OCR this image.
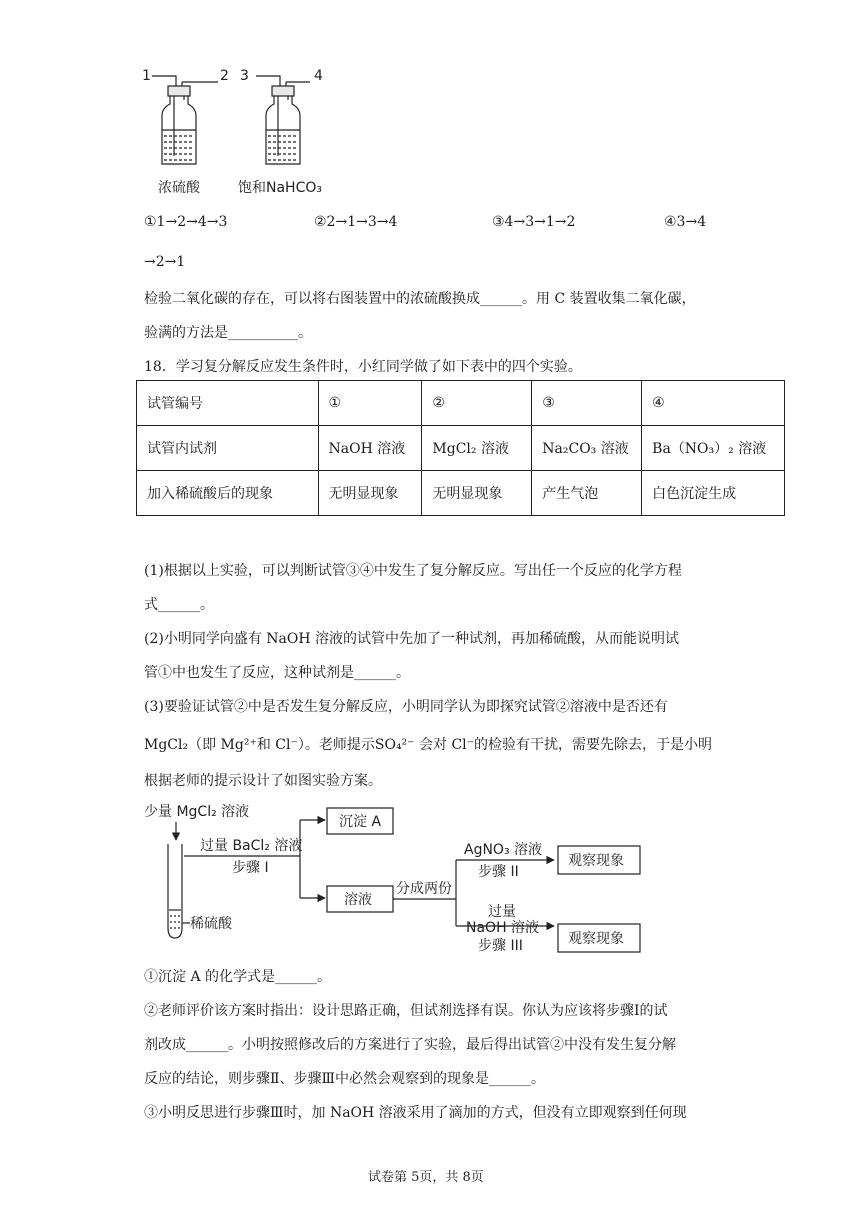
1	2
浓硫酸
3	4
饱和NaHCO₃
①1→2→4→3	②2→1→3→4	③4→3→1→2	④3→4
→2→1
检验二氧化碳的存在，可以将右图装置中的浓硫酸换成______。用 C 装置收集二氧化碳，
验满的方法是__________。
18．学习复分解反应发生条件时，小红同学做了如下表中的四个实验。
试管编号	①	②	③	④
试管内试剂	NaOH 溶液	MgCl₂ 溶液	Na₂CO₃ 溶液	Ba（NO₃）₂ 溶液
加入稀硫酸后的现象	无明显现象	无明显现象	产生气泡	白色沉淀生成
(1)根据以上实验，可以判断试管③④中发生了复分解反应。写出任一个反应的化学方程
式______。
(2)小明同学向盛有 NaOH 溶液的试管中先加了一种试剂，再加稀硫酸，从而能说明试
管①中也发生了反应，这种试剂是______。
(3)要验证试管②中是否发生复分解反应，小明同学认为即探究试管②溶液中是否还有
MgCl₂（即 Mg²⁺和 Cl⁻）。老师提示SO₄²⁻ 会对 Cl⁻的检验有干扰，需要先除去，于是小明
根据老师的提示设计了如图实验方案。
少量 MgCl₂ 溶液
稀硫酸
过量 BaCl₂ 溶液
步骤 I
沉淀 A
溶液
分成两份
AgNO₃ 溶液
步骤 II
过量
NaOH 溶液
步骤 III
观察现象
观察现象
①沉淀 A 的化学式是______。
②老师评价该方案时指出：设计思路正确，但试剂选择有误。你认为应该将步骤Ⅰ的试
剂改成______。小明按照修改后的方案进行了实验，最后得出试管②中没有发生复分解
反应的结论，则步骤Ⅱ、步骤Ⅲ中必然会观察到的现象是______。
③小明反思进行步骤Ⅲ时，加 NaOH 溶液采用了滴加的方式，但没有立即观察到任何现
试卷第 5页，共 8页
